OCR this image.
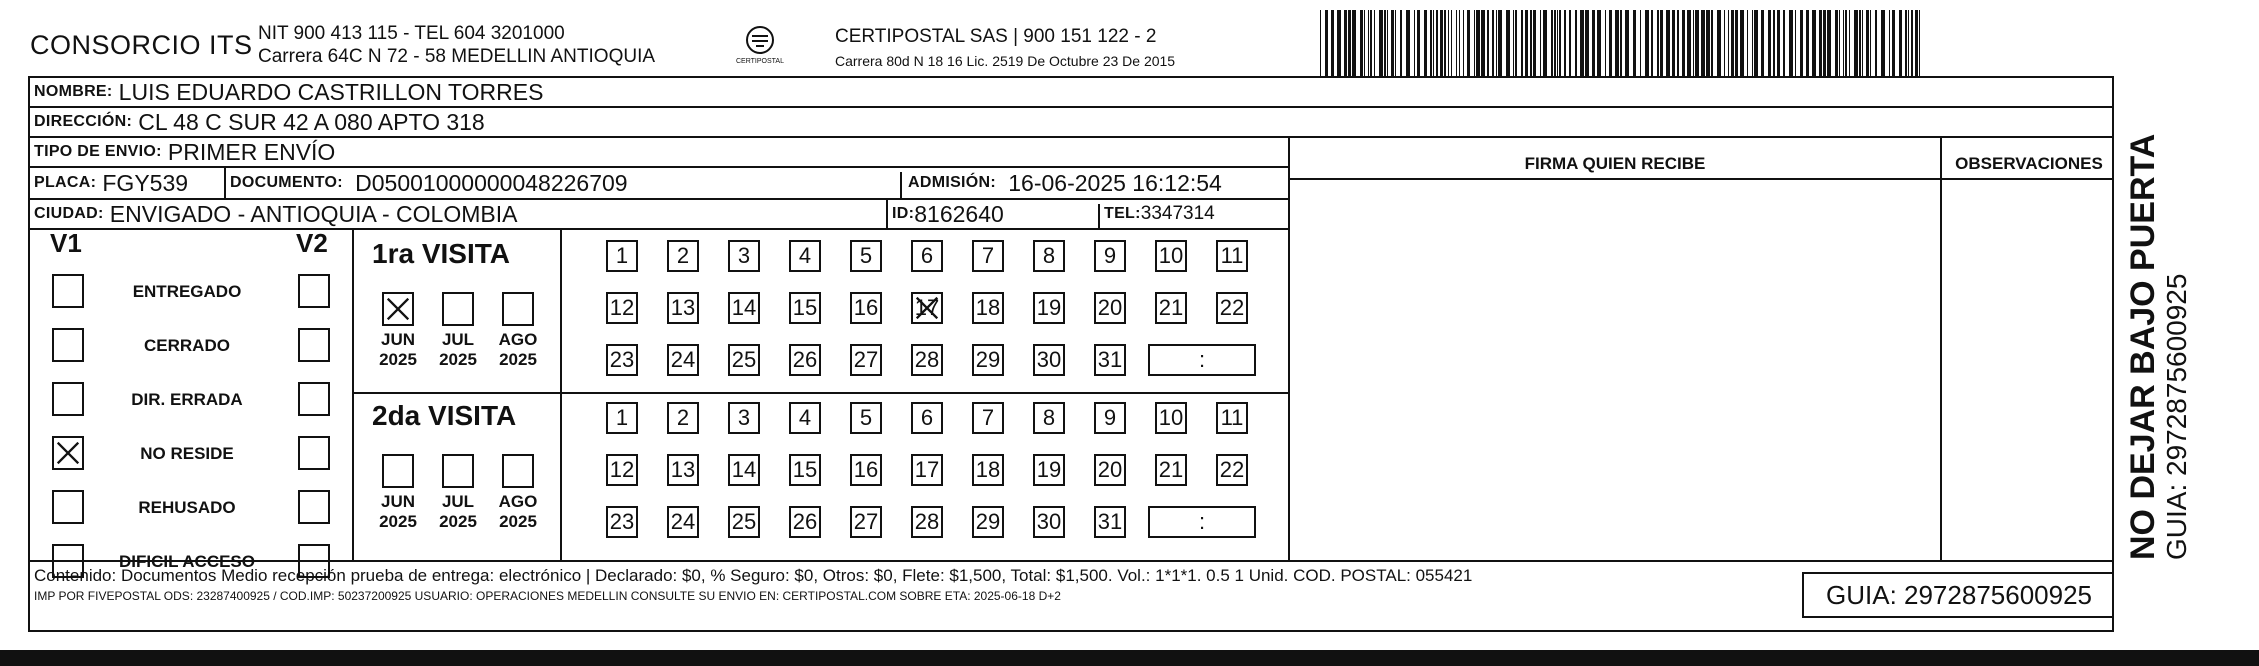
CONSORCIO ITS NIT 900 413 115 - TEL 604 3201000
Carrera 64C N 72 - 58 MEDELLIN ANTIOQUIA	CERTIPOSTAL
CERTIPOSTAL SAS | 900 151 122 - 2
Carrera 80d N 18 16 Lic. 2519 De Octubre 23 De 2015
NOMBRE:
LUIS EDUARDO CASTRILLON TORRES
DIRECCIÓN:
CL 48 C SUR 42 A 080 APTO 318
TIPO DE ENVIO:
PRIMER ENVÍO
PLACA:
FGY539	DOCUMENTO:
D05001000000048226709	ADMISIÓN:
16-06-2025 16:12:54
CIUDAD:
ENVIGADO - ANTIOQUIA - COLOMBIA	ID: 8162640	TEL: 3347314
FIRMA QUIEN RECIBE	OBSERVACIONES
V1	V2
ENTREGADO
CERRADO
DIR. ERRADA
NO RESIDE
REHUSADO
DIFICIL ACCESO
1ra VISITA
JUN
2025
JUL
2025
AGO
2025
1 2 3 4 5 6 7 8 9 10 11
12 13 14 15 16 17 18 19 20 21 22
23 24 25 26 27 28 29 30 31	:
2da VISITA
JUN
2025
JUL
2025
AGO
2025
1 2 3 4 5 6 7 8 9 10 11
12 13 14 15 16 17 18 19 20 21 22
23 24 25 26 27 28 29 30 31	:
Contenido: Documentos Medio recepción prueba de entrega: electrónico | Declarado: $0, % Seguro: $0, Otros: $0, Flete: $1,500, Total: $1,500. Vol.: 1*1*1. 0.5 1 Unid. COD. POSTAL: 055421
IMP POR FIVEPOSTAL ODS: 23287400925 / COD.IMP: 50237200925 USUARIO: OPERACIONES MEDELLIN CONSULTE SU ENVIO EN: CERTIPOSTAL.COM SOBRE ETA: 2025-06-18 D+2	GUIA: 2972875600925
NO DEJAR BAJO PUERTA GUIA: 2972875600925
